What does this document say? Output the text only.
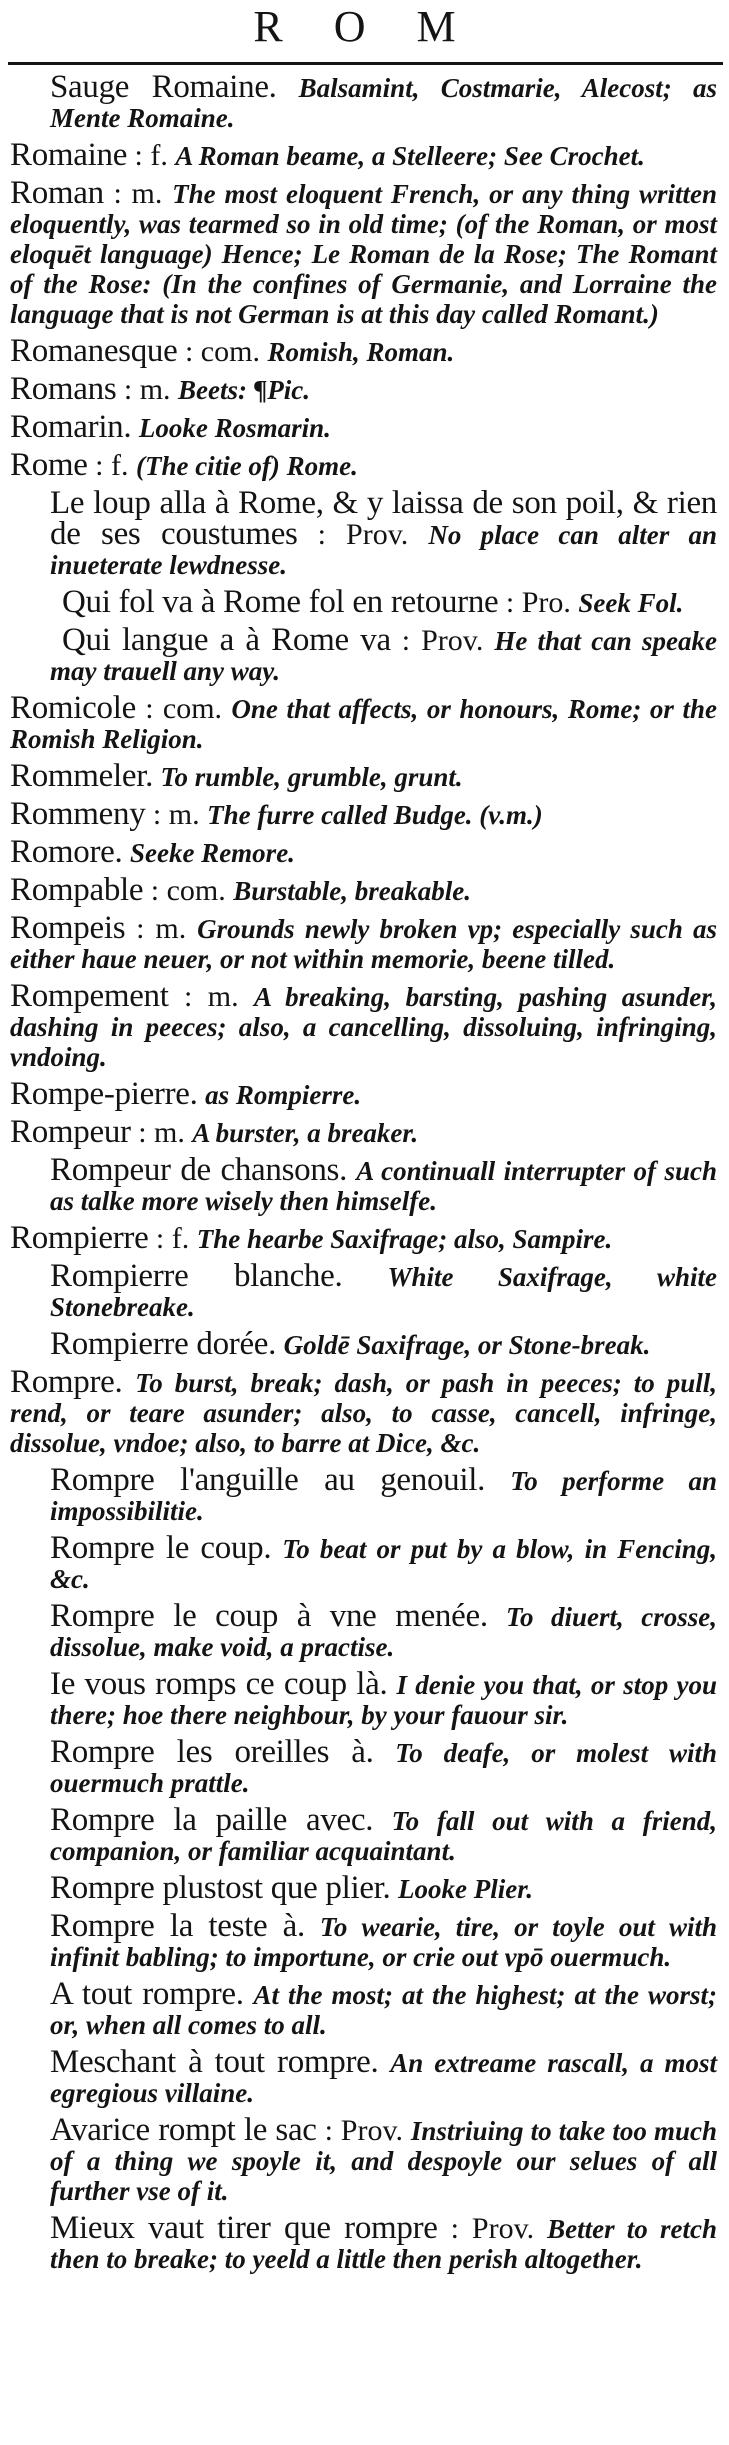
R O M

Sauge Romaine. Balsamint, Costmarie, Alecost; as Mente Romaine.

Romaine : f. A Roman beame, a Stelleere; See Crochet.

Roman : m. The most eloquent French, or any thing written eloquently, was tearmed so in old time; (of the Roman, or most eloquēt language) Hence; Le Roman de la Rose; The Romant of the Rose: (In the confines of Germanie, and Lorraine the language that is not German is at this day called Romant.)

Romanesque : com. Romish, Roman.

Romans : m. Beets: ¶Pic.

Romarin. Looke Rosmarin.

Rome : f. (The citie of) Rome.

Le loup alla à Rome, & y laissa de son poil, & rien de ses coustumes : Prov. No place can alter an inueterate lewdnesse.

Qui fol va à Rome fol en retourne : Pro. Seek Fol.

Qui langue a à Rome va : Prov. He that can speake may trauell any way.

Romicole : com. One that affects, or honours, Rome; or the Romish Religion.

Rommeler. To rumble, grumble, grunt.

Rommeny : m. The furre called Budge. (v.m.)

Romore. Seeke Remore.

Rompable : com. Burstable, breakable.

Rompeis : m. Grounds newly broken vp; especially such as either haue neuer, or not within memorie, beene tilled.

Rompement : m. A breaking, barsting, pashing asunder, dashing in peeces; also, a cancelling, dissoluing, infringing, vndoing.

Rompe-pierre. as Rompierre.

Rompeur : m. A burster, a breaker.

Rompeur de chansons. A continuall interrupter of such as talke more wisely then himselfe.

Rompierre : f. The hearbe Saxifrage; also, Sampire.

Rompierre blanche. White Saxifrage, white Stonebreake.

Rompierre dorée. Goldē Saxifrage, or Stone-break.

Rompre. To burst, break; dash, or pash in peeces; to pull, rend, or teare asunder; also, to casse, cancell, infringe, dissolue, vndoe; also, to barre at Dice, &c.

Rompre l'anguille au genouil. To performe an impossibilitie.

Rompre le coup. To beat or put by a blow, in Fencing, &c.

Rompre le coup à vne menée. To diuert, crosse, dissolue, make void, a practise.

Ie vous romps ce coup là. I denie you that, or stop you there; hoe there neighbour, by your fauour sir.

Rompre les oreilles à. To deafe, or molest with ouermuch prattle.

Rompre la paille avec. To fall out with a friend, companion, or familiar acquaintant.

Rompre plustost que plier. Looke Plier.

Rompre la teste à. To wearie, tire, or toyle out with infinit babling; to importune, or crie out vpō ouermuch.

A tout rompre. At the most; at the highest; at the worst; or, when all comes to all.

Meschant à tout rompre. An extreame rascall, a most egregious villaine.

Avarice rompt le sac : Prov. Instriuing to take too much of a thing we spoyle it, and despoyle our selues of all further vse of it.

Mieux vaut tirer que rompre : Prov. Better to retch then to breake; to yeeld a little then perish altogether.
